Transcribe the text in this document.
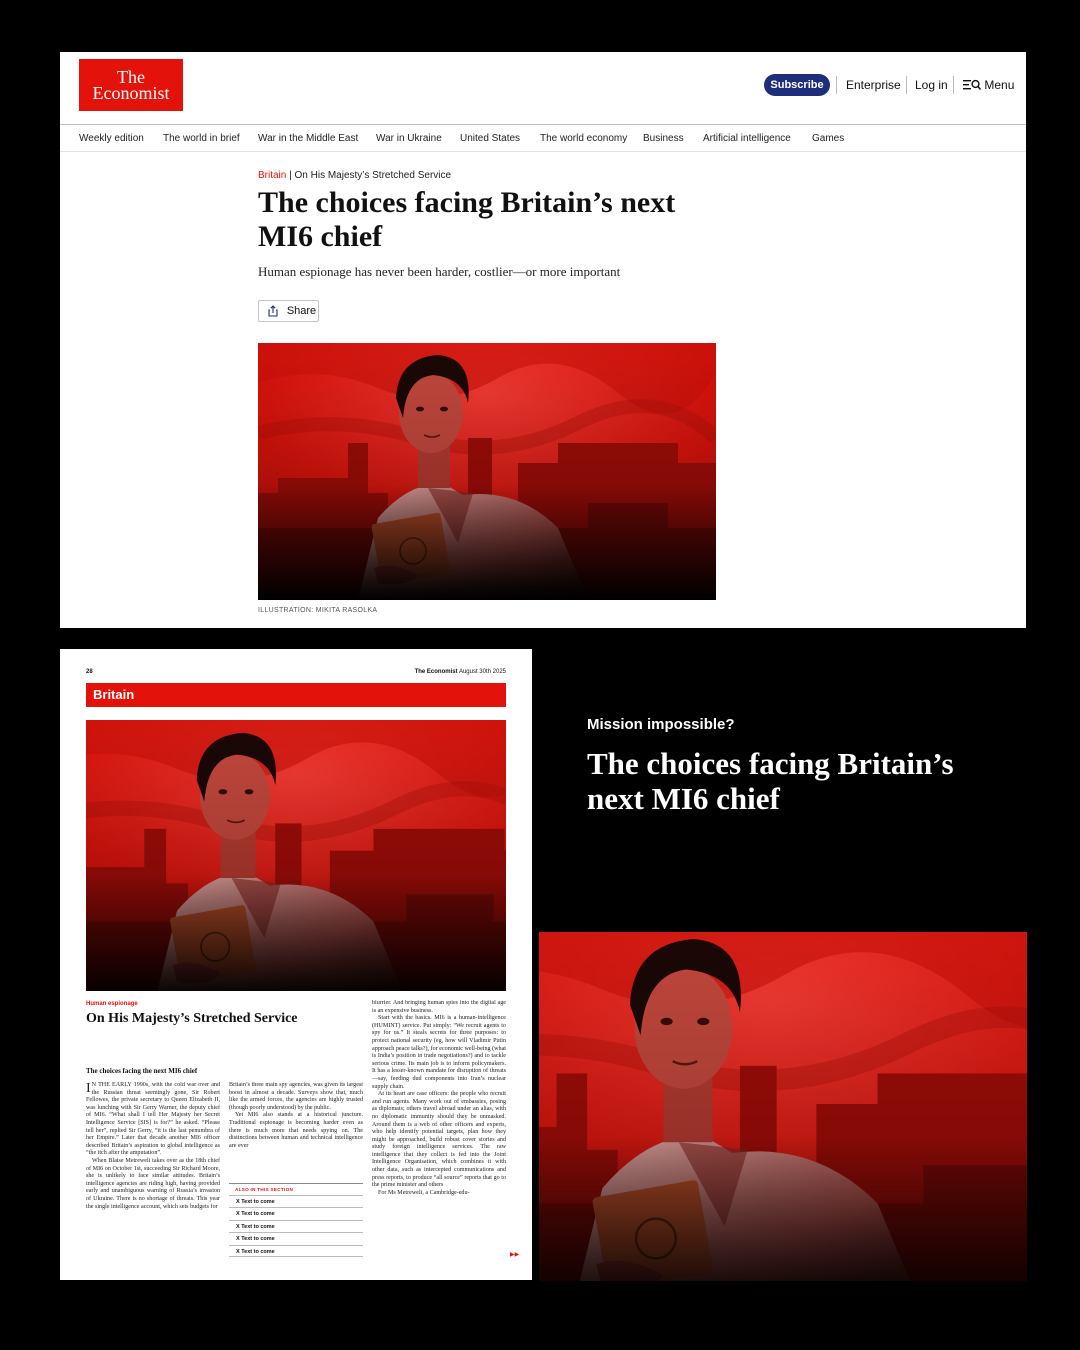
The
Economist	Subscribe	Enterprise Log in	Menu
Weekly edition The world in brief War in the Middle East War in Ukraine United States The world economy Business Artificial intelligence Games
Britain | On His Majesty’s Stretched Service
The choices facing Britain’s next MI6 chief

Human espionage has never been harder, costlier—or more important

Share
ILLUSTRATION: MIKITA RASOLKA
28	The Economist August 30th 2025
Britain
Human espionage
On His Majesty’s Stretched Service
The choices facing the next MI6 chief

I N THE EARLY 1990s, with the cold war over and the Russian threat seemingly gone, Sir Robert Fellowes, the private secretary to Queen Elizabeth II, was lunching with Sir Gerry Warner, the deputy chief of MI6. “What shall I tell Her Majesty her Secret Intelligence Service [SIS] is for?” he asked. “Please tell her”, replied Sir Gerry, “it is the last penumbra of her Empire.” Later that decade another MI6 officer described Britain’s aspiration to global intelligence as “the itch after the amputation”.

When Blaise Metreweli takes over as the 18th chief of MI6 on October 1st, succeeding Sir Richard Moore, she is unlikely to face similar attitudes. Britain’s intelligence agencies are riding high, having provided early and unambiguous warning of Russia’s invasion of Ukraine. There is no shortage of threats. This year the single intelligence account, which sets budgets for

Britain’s three main spy agencies, was given its largest boost in almost a decade. Surveys show that, much like the armed forces, the agencies are highly trusted (though poorly understood) by the public.

Yet MI6 also stands at a historical juncture. Traditional espionage is becoming harder even as there is much more that needs spying on. The distinctions between human and technical intelligence are ever

ALSO IN THIS SECTION
X Text to come
X Text to come
X Text to come
X Text to come
X Text to come

blurrier. And bringing human spies into the digital age is an expensive business.

Start with the basics. MI6 is a human-intelligence (HUMINT) service. Put simply: “We recruit agents to spy for us.” It steals secrets for three purposes: to protect national security (eg, how will Vladimir Putin approach peace talks?), for economic well-being (what is India’s position in trade negotiations?) and to tackle serious crime. Its main job is to inform policymakers. It has a lesser-known mandate for disruption of threats—say, feeding dud components into Iran’s nuclear supply chain.

At its heart are case officers: the people who recruit and run agents. Many work out of embassies, posing as diplomats; others travel abroad under an alias, with no diplomatic immunity should they be unmasked. Around them is a web of other officers and experts, who help identify potential targets, plan how they might be approached, build robust cover stories and study foreign intelligence services. The raw intelligence that they collect is fed into the Joint Intelligence Organisation, which combines it with other data, such as intercepted communications and press reports, to produce “all source” reports that go to the prime minister and others

For Ms Metreweli, a Cambridge-edu-

▶▶
Mission impossible?
The choices facing Britain’s next MI6 chief
